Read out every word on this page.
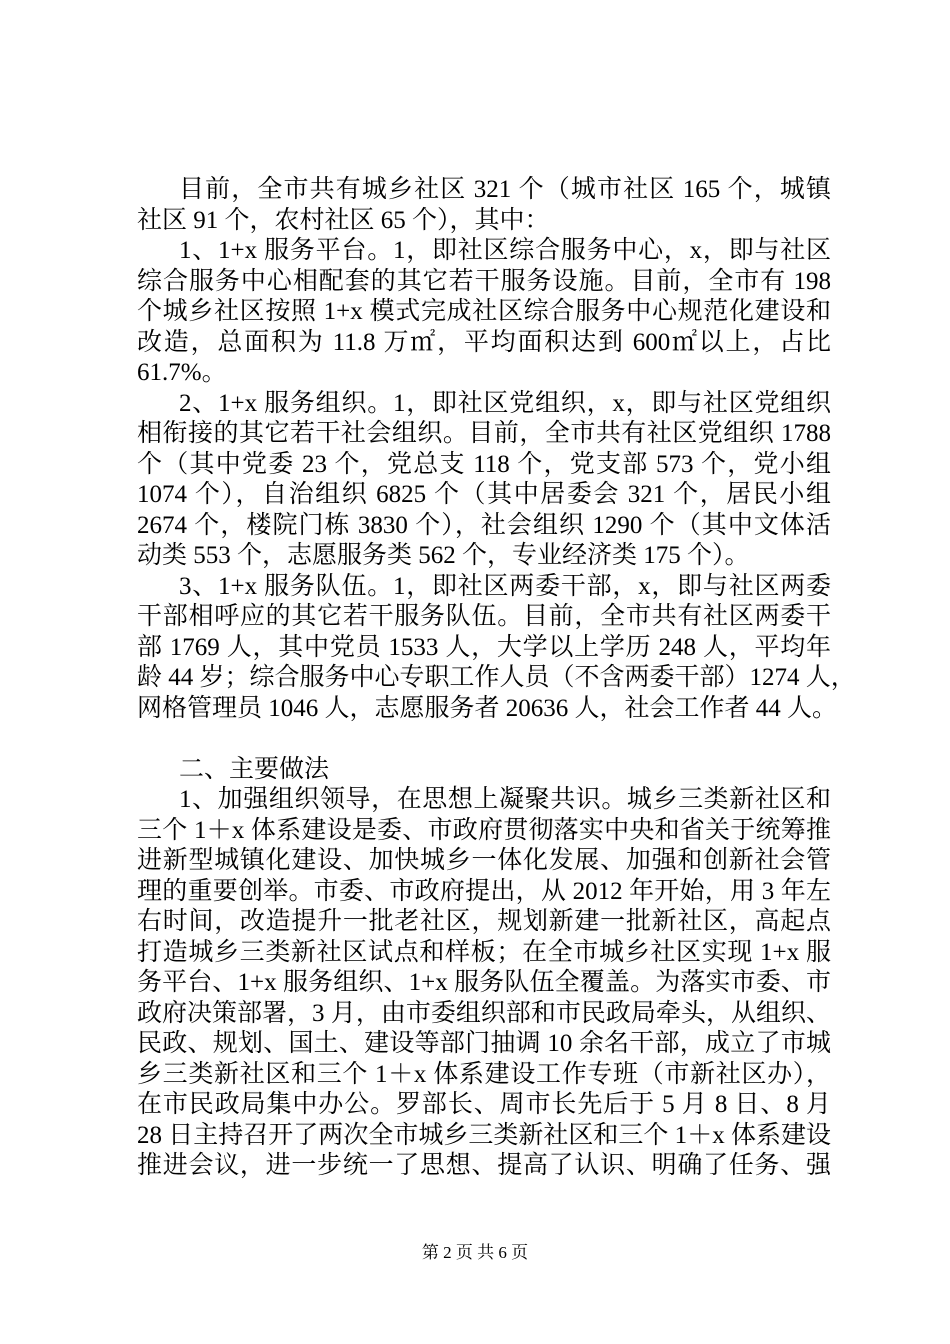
目前，全市共有城乡社区 321 个（城市社区 165 个，城镇
社区 91 个，农村社区 65 个），其中：
1、1+x 服务平台。1，即社区综合服务中心，x，即与社区
综合服务中心相配套的其它若干服务设施。目前，全市有 198
个城乡社区按照 1+x 模式完成社区综合服务中心规范化建设和
改造，总面积为 11.8 万㎡，平均面积达到 600㎡以上，占比
61.7%。
2、1+x 服务组织。1，即社区党组织，x，即与社区党组织
相衔接的其它若干社会组织。目前，全市共有社区党组织 1788
个（其中党委 23 个，党总支 118 个，党支部 573 个，党小组
1074 个），自治组织 6825 个（其中居委会 321 个，居民小组
2674 个，楼院门栋 3830 个），社会组织 1290 个（其中文体活
动类 553 个，志愿服务类 562 个，专业经济类 175 个）。
3、1+x 服务队伍。1，即社区两委干部，x，即与社区两委
干部相呼应的其它若干服务队伍。目前，全市共有社区两委干
部 1769 人，其中党员 1533 人，大学以上学历 248 人，平均年
龄 44 岁；综合服务中心专职工作人员（不含两委干部）1274 人，
网格管理员 1046 人，志愿服务者 20636 人，社会工作者 44 人。
二、主要做法
1、加强组织领导，在思想上凝聚共识。城乡三类新社区和
三个 1＋x 体系建设是委、市政府贯彻落实中央和省关于统筹推
进新型城镇化建设、加快城乡一体化发展、加强和创新社会管
理的重要创举。市委、市政府提出，从 2012 年开始，用 3 年左
右时间，改造提升一批老社区，规划新建一批新社区，高起点
打造城乡三类新社区试点和样板；在全市城乡社区实现 1+x 服
务平台、1+x 服务组织、1+x 服务队伍全覆盖。为落实市委、市
政府决策部署，3 月，由市委组织部和市民政局牵头，从组织、
民政、规划、国土、建设等部门抽调 10 余名干部，成立了市城
乡三类新社区和三个 1＋x 体系建设工作专班（市新社区办），
在市民政局集中办公。罗部长、周市长先后于 5 月 8 日、8 月
28 日主持召开了两次全市城乡三类新社区和三个 1＋x 体系建设
推进会议，进一步统一了思想、提高了认识、明确了任务、强
第 2 页 共 6 页
